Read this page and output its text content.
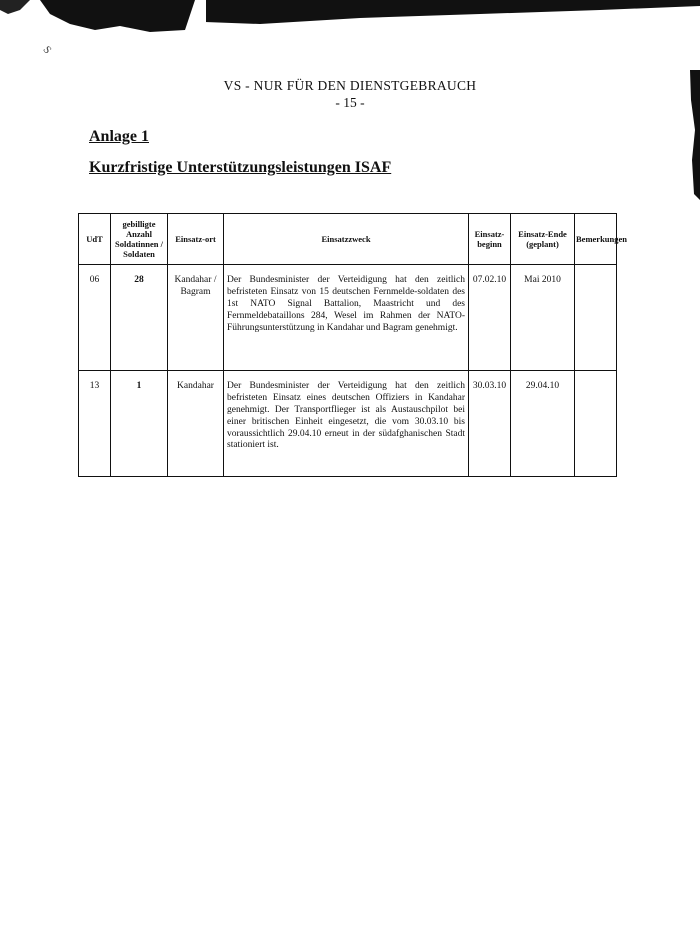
S
VS - NUR FÜR DEN DIENSTGEBRAUCH
- 15 -
Anlage 1
Kurzfristige Unterstützungsleistungen ISAF
UdT	gebilligte Anzahl Soldatinnen / Soldaten	Einsatz-ort	Einsatzzweck	Einsatz-beginn	Einsatz-Ende (geplant)	Bemerkungen
06	28	Kandahar / Bagram	Der Bundesminister der Verteidigung hat den zeitlich befristeten Einsatz von 15 deutschen Fernmelde-soldaten des 1st NATO Signal Battalion, Maastricht und des Fernmeldebataillons 284, Wesel im Rahmen der NATO-Führungsunterstützung in Kandahar und Bagram genehmigt.	07.02.10	Mai 2010	
13	1	Kandahar	Der Bundesminister der Verteidigung hat den zeitlich befristeten Einsatz eines deutschen Offiziers in Kandahar genehmigt. Der Transportflieger ist als Austauschpilot bei einer britischen Einheit eingesetzt, die vom 30.03.10 bis voraussichtlich 29.04.10 erneut in der südafghanischen Stadt stationiert ist.	30.03.10	29.04.10	
